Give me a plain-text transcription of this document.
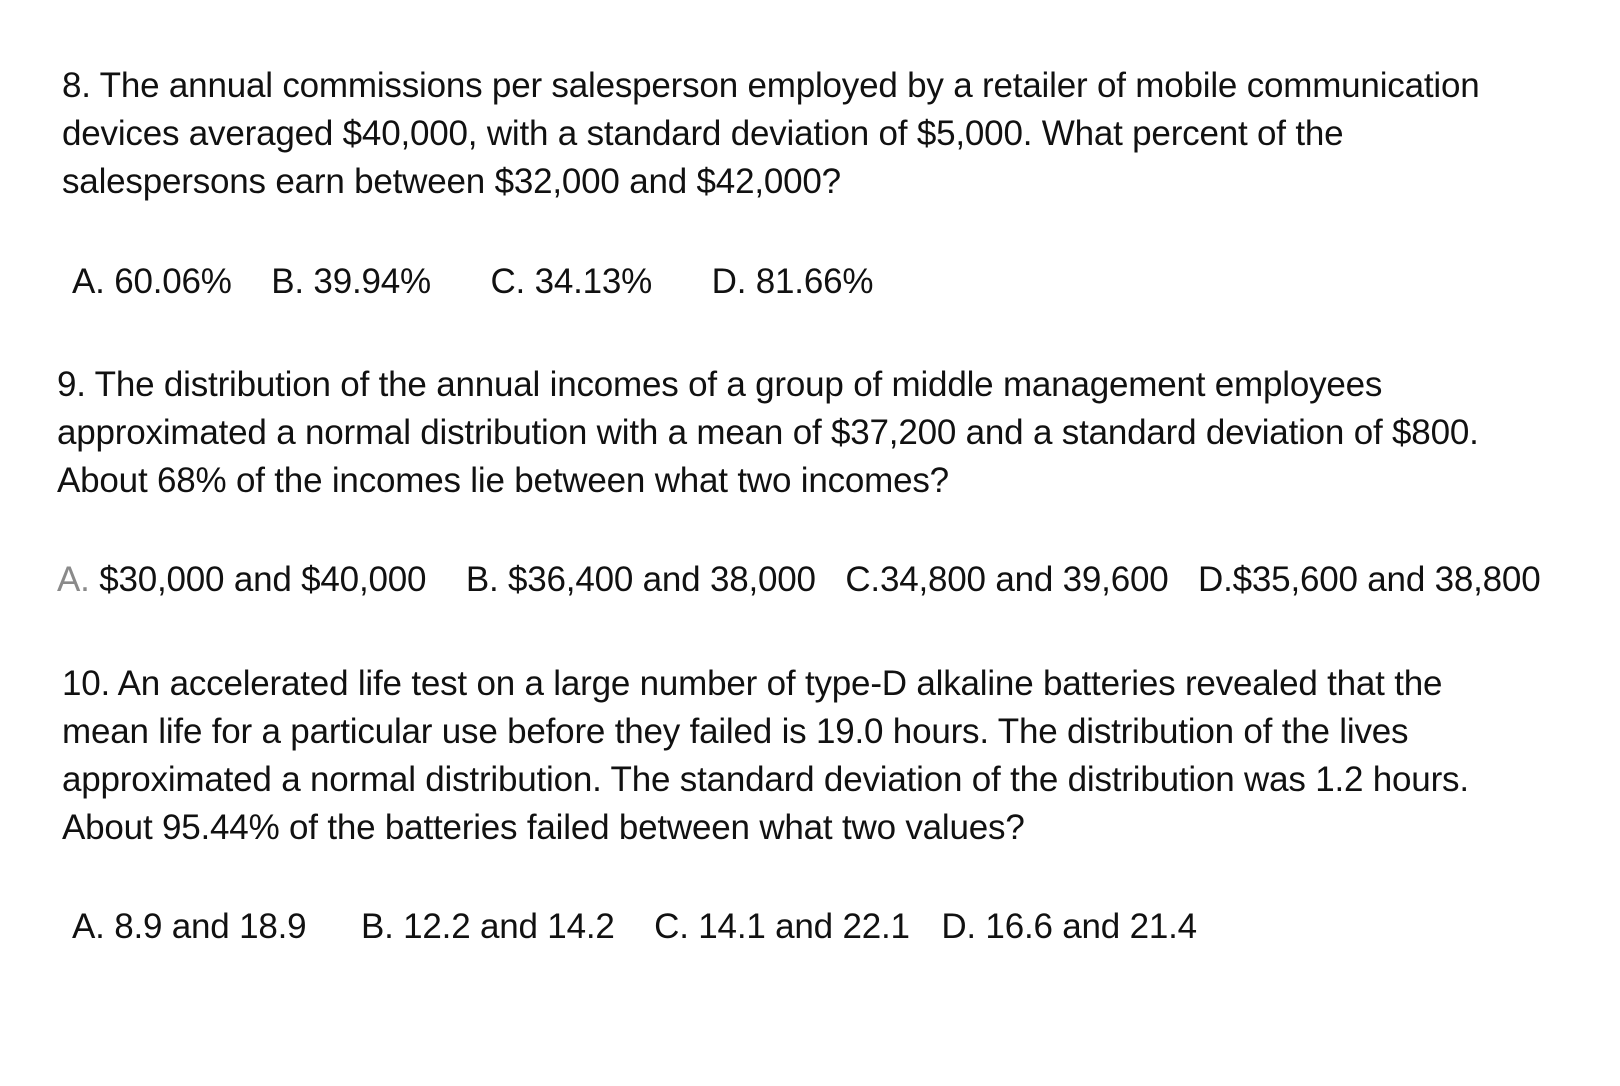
8. The annual commissions per salesperson employed by a retailer of mobile communication
devices averaged $40,000, with a standard deviation of $5,000. What percent of the
salespersons earn between $32,000 and $42,000?
A. 60.06% B. 39.94% C. 34.13% D. 81.66%
9. The distribution of the annual incomes of a group of middle management employees
approximated a normal distribution with a mean of $37,200 and a standard deviation of $800.
About 68% of the incomes lie between what two incomes?
A. $30,000 and $40,000 B. $36,400 and 38,000 C.34,800 and 39,600 D.$35,600 and 38,800
10. An accelerated life test on a large number of type-D alkaline batteries revealed that the
mean life for a particular use before they failed is 19.0 hours. The distribution of the lives
approximated a normal distribution. The standard deviation of the distribution was 1.2 hours.
About 95.44% of the batteries failed between what two values?
A. 8.9 and 18.9 B. 12.2 and 14.2 C. 14.1 and 22.1 D. 16.6 and 21.4
